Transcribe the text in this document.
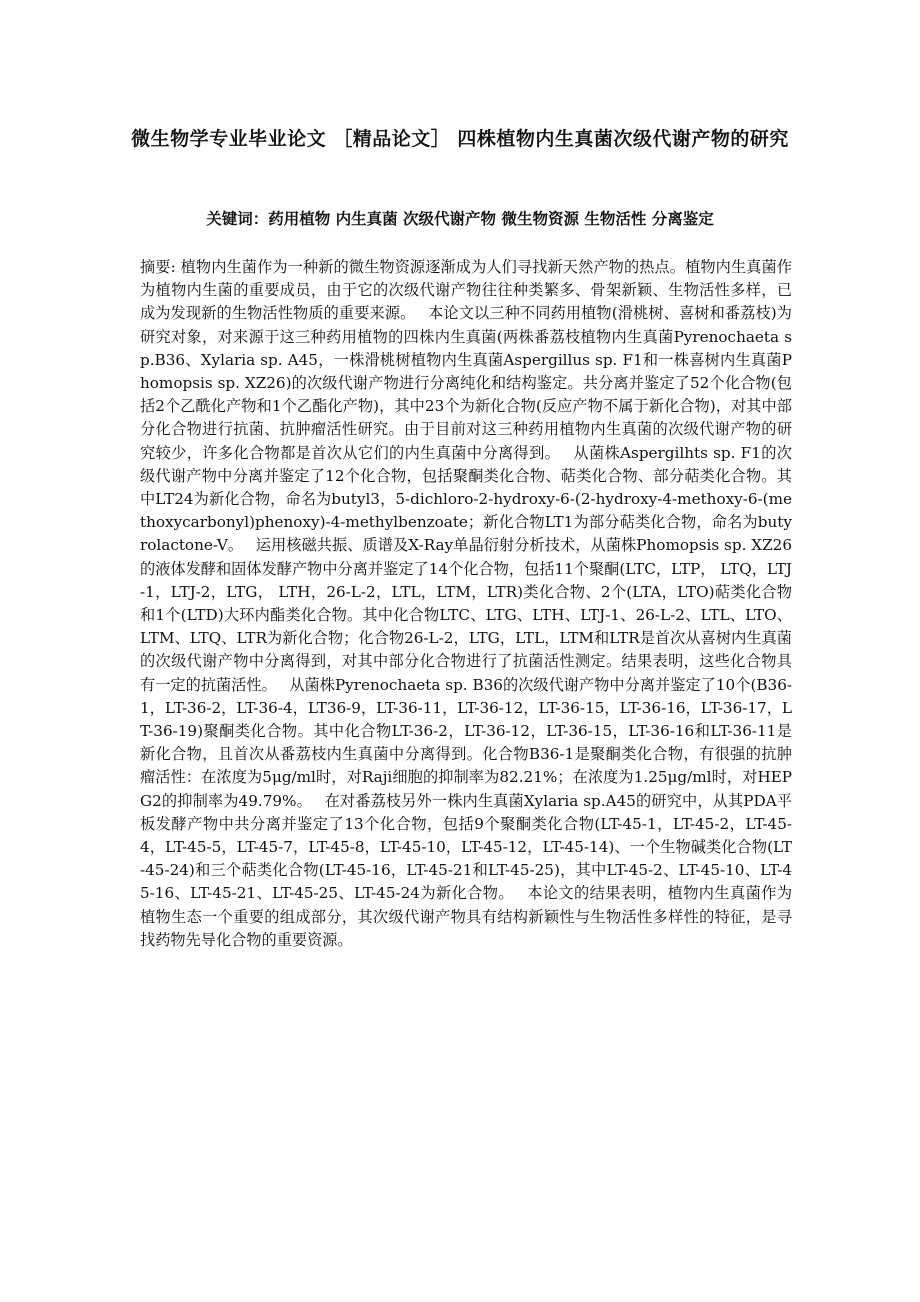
微生物学专业毕业论文 ［精品论文］ 四株植物内生真菌次级代谢产物的研究

关键词：药用植物 内生真菌 次级代谢产物 微生物资源 生物活性 分离鉴定

摘要: 植物内生菌作为一种新的微生物资源逐渐成为人们寻找新天然产物的热点。植物内生真菌作为植物内生菌的重要成员，由于它的次级代谢产物往往种类繁多、骨架新颖、生物活性多样，已成为发现新的生物活性物质的重要来源。　 本论文以三种不同药用植物(滑桃树、喜树和番荔枝)为研究对象，对来源于这三种药用植物的四株内生真菌(两株番荔枝植物内生真菌Pyrenochaeta sp.B36、Xylaria sp. A45，一株滑桃树植物内生真菌Aspergillus sp. F1和一株喜树内生真菌Phomopsis sp. XZ26)的次级代谢产物进行分离纯化和结构鉴定。共分离并鉴定了52个化合物(包括2个乙酰化产物和1个乙酯化产物)，其中23个为新化合物(反应产物不属于新化合物)，对其中部分化合物进行抗菌、抗肿瘤活性研究。由于目前对这三种药用植物内生真菌的次级代谢产物的研究较少，许多化合物都是首次从它们的内生真菌中分离得到。　 从菌株Aspergilhts sp. F1的次级代谢产物中分离并鉴定了12个化合物，包括聚酮类化合物、萜类化合物、部分萜类化合物。其中LT24为新化合物，命名为butyl3，5-dichloro-2-hydroxy-6-(2-hydroxy-4-methoxy-6-(methoxycarbonyl)phenoxy)-4-methylbenzoate；新化合物LT1为部分萜类化合物，命名为butyrolactone-V。　 运用核磁共振、质谱及X-Ray单晶衍射分析技术，从菌株Phomopsis sp. XZ26的液体发酵和固体发酵产物中分离并鉴定了14个化合物，包括11个聚酮(LTC，LTP， LTQ，LTJ-1，LTJ-2，LTG， LTH，26-L-2，LTL，LTM，LTR)类化合物、2个(LTA，LTO)萜类化合物和1个(LTD)大环内酯类化合物。其中化合物LTC、LTG、LTH、LTJ-1、26-L-2、LTL、LTO、LTM、LTQ、LTR为新化合物；化合物26-L-2，LTG，LTL，LTM和LTR是首次从喜树内生真菌的次级代谢产物中分离得到，对其中部分化合物进行了抗菌活性测定。结果表明，这些化合物具有一定的抗菌活性。　 从菌株Pyrenochaeta sp. B36的次级代谢产物中分离并鉴定了10个(B36-1，LT-36-2，LT-36-4，LT36-9，LT-36-11，LT-36-12，LT-36-15，LT-36-16，LT-36-17，LT-36-19)聚酮类化合物。其中化合物LT-36-2，LT-36-12，LT-36-15，LT-36-16和LT-36-11是新化合物，且首次从番荔枝内生真菌中分离得到。化合物B36-1是聚酮类化合物，有很强的抗肿瘤活性：在浓度为5μg/ml时，对Raji细胞的抑制率为82.21%；在浓度为1.25μg/ml时，对HEPG2的抑制率为49.79%。　 在对番荔枝另外一株内生真菌Xylaria sp.A45的研究中，从其PDA平板发酵产物中共分离并鉴定了13个化合物，包括9个聚酮类化合物(LT-45-1，LT-45-2，LT-45-4，LT-45-5，LT-45-7，LT-45-8，LT-45-10，LT-45-12，LT-45-14)、一个生物碱类化合物(LT-45-24)和三个萜类化合物(LT-45-16，LT-45-21和LT-45-25)，其中LT-45-2、LT-45-10、LT-45-16、LT-45-21、LT-45-25、LT-45-24为新化合物。　 本论文的结果表明，植物内生真菌作为植物生态一个重要的组成部分，其次级代谢产物具有结构新颖性与生物活性多样性的特征，是寻找药物先导化合物的重要资源。
